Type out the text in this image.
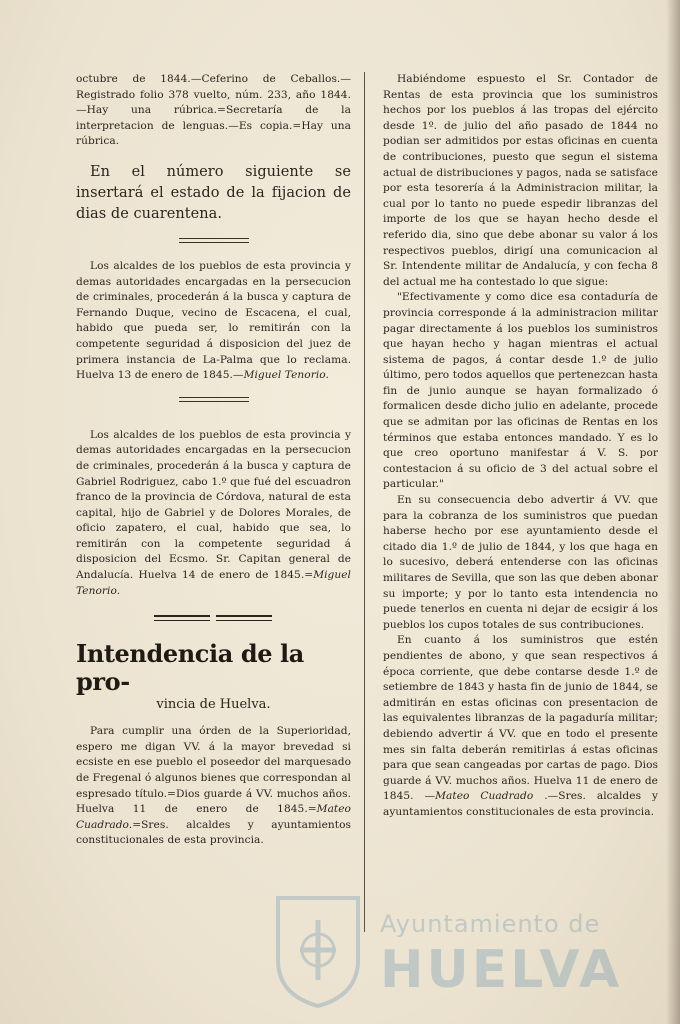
octubre de 1844.—Ceferino de Ceballos.—Registrado folio 378 vuelto, núm. 233, año 1844. —Hay una rúbrica.=Secretaría de la interpretacion de lenguas.—Es copia.=Hay una rúbrica.

En el número siguiente se insertará el estado de la fijacion de dias de cuarentena.

Los alcaldes de los pueblos de esta provincia y demas autoridades encargadas en la persecucion de criminales, procederán á la busca y captura de Fernando Duque, vecino de Escacena, el cual, habido que pueda ser, lo remitirán con la competente seguridad á disposicion del juez de primera instancia de La-Palma que lo reclama. Huelva 13 de enero de 1845.—Miguel Tenorio.

Los alcaldes de los pueblos de esta provincia y demas autoridades encargadas en la persecucion de criminales, procederán á la busca y captura de Gabriel Rodriguez, cabo 1.º que fué del escuadron franco de la provincia de Córdova, natural de esta capital, hijo de Gabriel y de Dolores Morales, de oficio zapatero, el cual, habido que sea, lo remitirán con la competente seguridad á disposicion del Ecsmo. Sr. Capitan general de Andalucía. Huelva 14 de enero de 1845.=Miguel Tenorio.

Intendencia de la pro-
vincia de Huelva.

Para cumplir una órden de la Superioridad, espero me digan VV. á la mayor brevedad si ecsiste en ese pueblo el poseedor del marquesado de Fregenal ó algunos bienes que correspondan al espresado título.=Dios guarde á VV. muchos años. Huelva 11 de enero de 1845.=Mateo Cuadrado.=Sres. alcaldes y ayuntamientos constitucionales de esta provincia.

Habiéndome espuesto el Sr. Contador de Rentas de esta provincia que los suministros hechos por los pueblos á las tropas del ejército desde 1º. de julio del año pasado de 1844 no podian ser admitidos por estas oficinas en cuenta de contribuciones, puesto que segun el sistema actual de distribuciones y pagos, nada se satisface por esta tesorería á la Administracion militar, la cual por lo tanto no puede espedir libranzas del importe de los que se hayan hecho desde el referido dia, sino que debe abonar su valor á los respectivos pueblos, dirigí una comunicacion al Sr. Intendente militar de Andalucía, y con fecha 8 del actual me ha contestado lo que sigue:

"Efectivamente y como dice esa contaduría de provincia corresponde á la administracion militar pagar directamente á los pueblos los suministros que hayan hecho y hagan mientras el actual sistema de pagos, á contar desde 1.º de julio último, pero todos aquellos que pertenezcan hasta fin de junio aunque se hayan formalizado ó formalicen desde dicho julio en adelante, procede que se admitan por las oficinas de Rentas en los términos que estaba entonces mandado. Y es lo que creo oportuno manifestar á V. S. por contestacion á su oficio de 3 del actual sobre el particular."

En su consecuencia debo advertir á VV. que para la cobranza de los suministros que puedan haberse hecho por ese ayuntamiento desde el citado dia 1.º de julio de 1844, y los que haga en lo sucesivo, deberá entenderse con las oficinas militares de Sevilla, que son las que deben abonar su importe; y por lo tanto esta intendencia no puede tenerlos en cuenta ni dejar de ecsigir á los pueblos los cupos totales de sus contribuciones.

En cuanto á los suministros que estén pendientes de abono, y que sean respectivos á época corriente, que debe contarse desde 1.º de setiembre de 1843 y hasta fin de junio de 1844, se admitirán en estas oficinas con presentacion de las equivalentes libranzas de la pagaduría militar; debiendo advertir á VV. que en todo el presente mes sin falta deberán remitirlas á estas oficinas para que sean cangeadas por cartas de pago. Dios guarde á VV. muchos años. Huelva 11 de enero de 1845. —Mateo Cuadrado .—Sres. alcaldes y ayuntamientos constitucionales de esta provincia.

Ayuntamiento de
HUELVA
